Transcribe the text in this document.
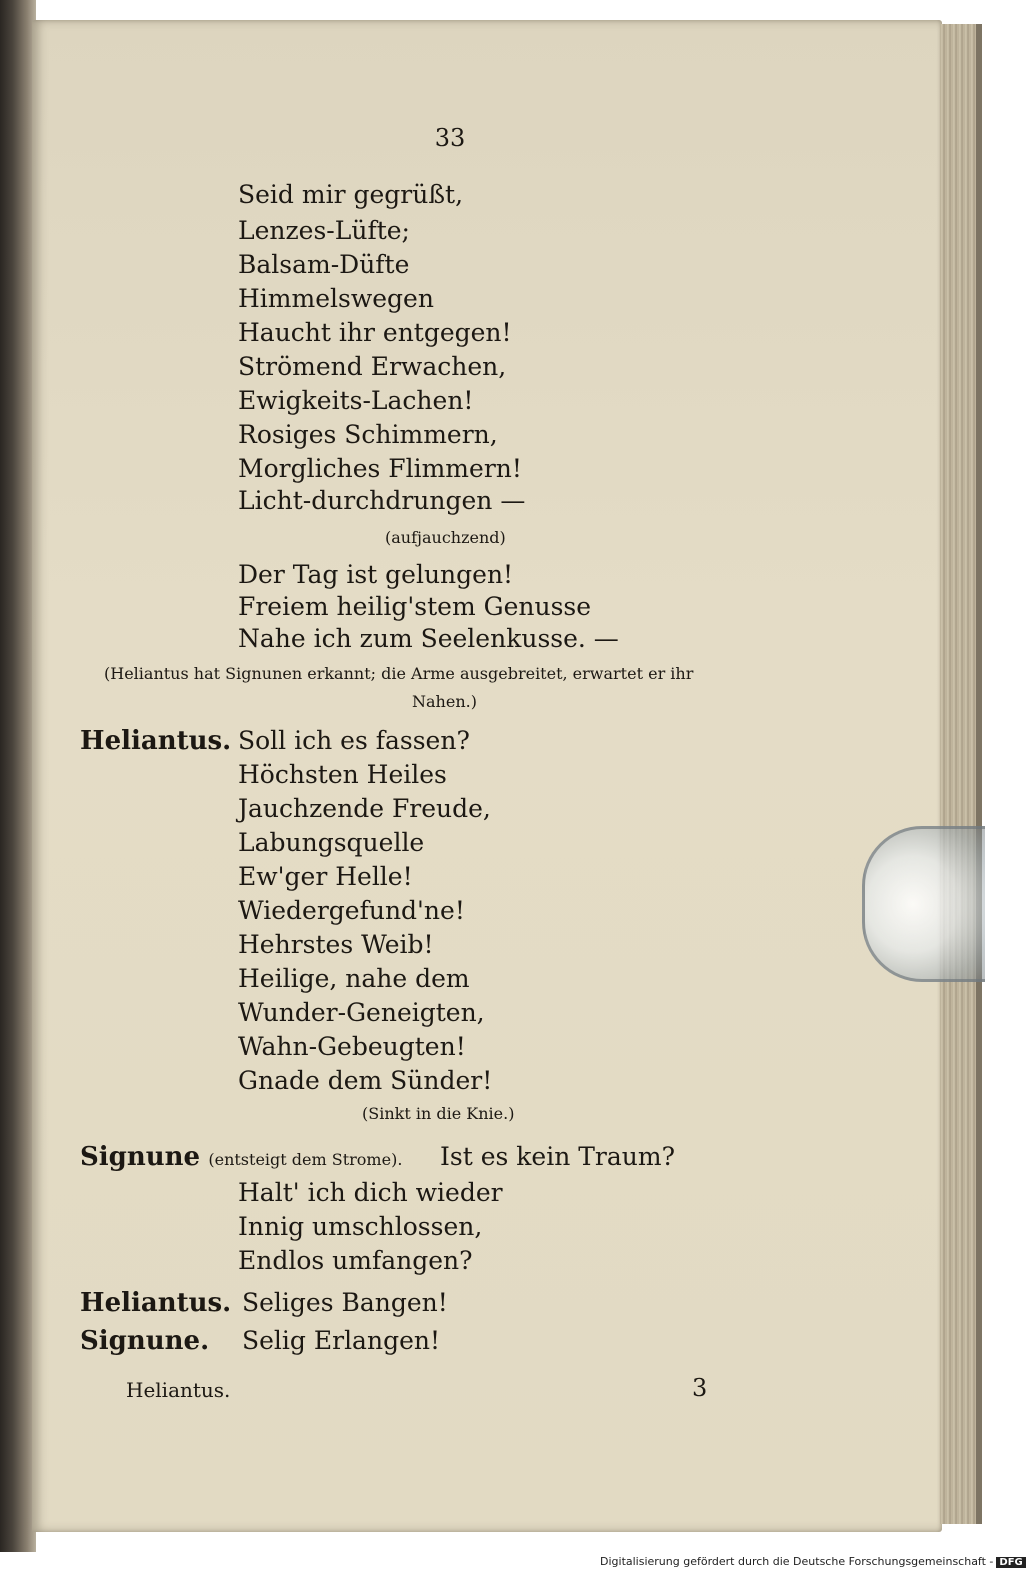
33
Seid mir gegrüßt,
Lenzes-Lüfte;
Balsam-Düfte
Himmelswegen
Haucht ihr entgegen!
Strömend Erwachen,
Ewigkeits-Lachen!
Rosiges Schimmern,
Morgliches Flimmern!
Licht-durchdrungen —
(aufjauchzend)
Der Tag ist gelungen!
Freiem heilig'stem Genusse
Nahe ich zum Seelenkusse. —
(Heliantus hat Signunen erkannt; die Arme ausgebreitet, erwartet er ihr
Nahen.)
Heliantus. Soll ich es fassen?
Höchsten Heiles
Jauchzende Freude,
Labungsquelle
Ew'ger Helle!
Wiedergefund'ne!
Hehrstes Weib!
Heilige, nahe dem
Wunder-Geneigten,
Wahn-Gebeugten!
Gnade dem Sünder!
(Sinkt in die Knie.)
Signune (entsteigt dem Strome). Ist es kein Traum?
Halt' ich dich wieder
Innig umschlossen,
Endlos umfangen?
Heliantus. Seliges Bangen!
Signune. Selig Erlangen!
Heliantus.	3
Digitalisierung gefördert durch die Deutsche Forschungsgemeinschaft - DFG
